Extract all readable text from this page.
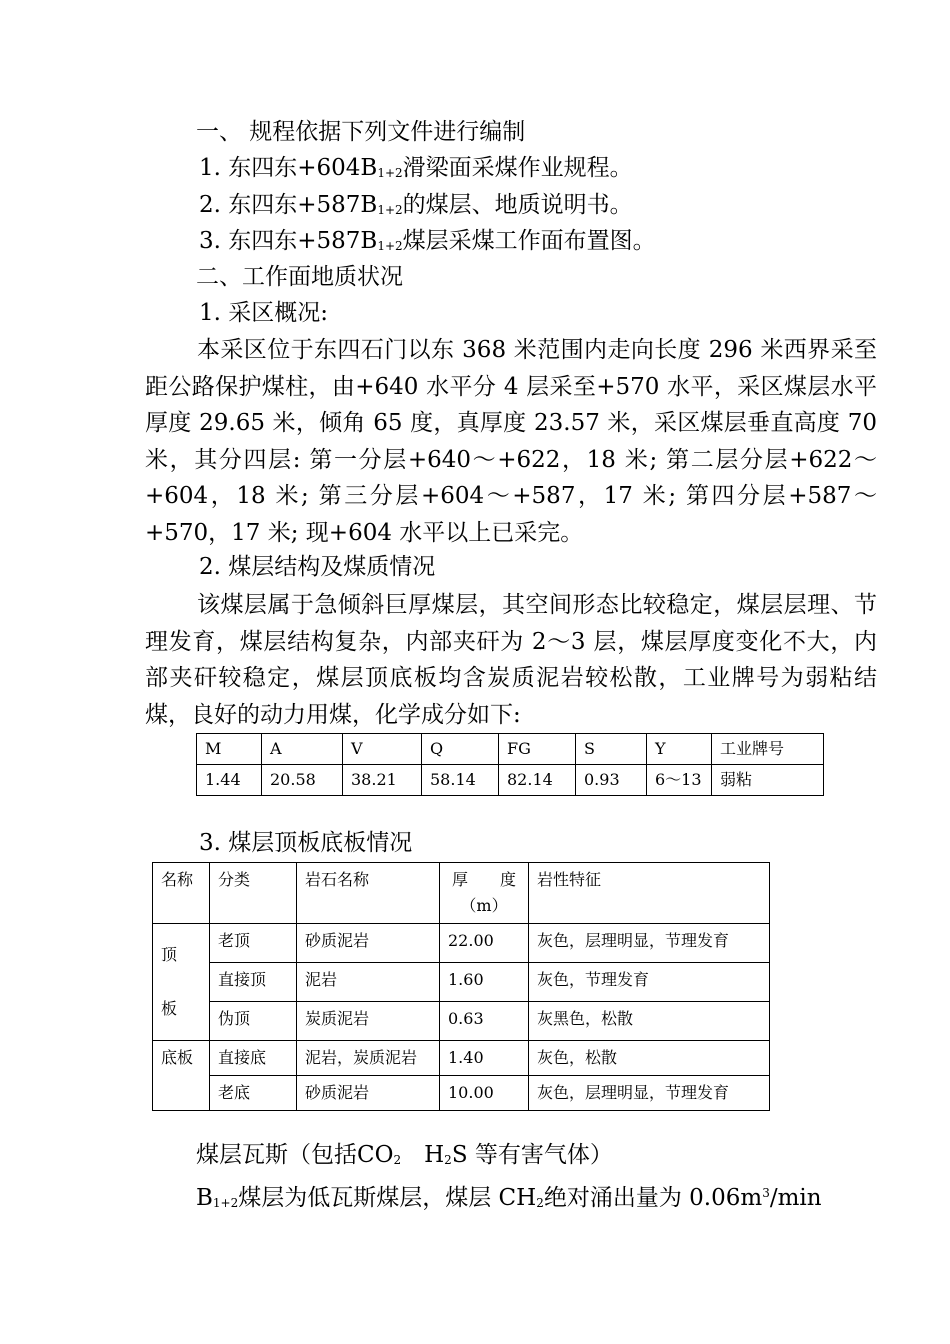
一、 规程依据下列文件进行编制
1. 东四东$+604B_{1+2}$滑梁面采煤作业规程。
2. 东四东$+587B_{1+2}$的煤层、地质说明书。
3. 东四东$+587B_{1+2}$煤层采煤工作面布置图。
二、工作面地质状况
1. 采区概况:
本采区位于东四石门以东 368 米范围内走向长度 296 米西界采至距公路保护煤柱，由+640 水平分 4 层采至+570 水平，采区煤层水平厚度 29.65 米，倾角 65 度，真厚度 23.57 米，采区煤层垂直高度 70 米，其分四层: 第一分层+640～+622，18 米; 第二层分层+622～+604，18 米; 第三分层+604～+587，17 米; 第四分层+587～+570，17 米; 现+604 水平以上已采完。
2. 煤层结构及煤质情况
该煤层属于急倾斜巨厚煤层，其空间形态比较稳定，煤层层理、节理发育，煤层结构复杂，内部夹矸为 2～3 层，煤层厚度变化不大，内部夹矸较稳定，煤层顶底板均含炭质泥岩较松散，工业牌号为弱粘结煤，良好的动力用煤，化学成分如下:
M	A	V	Q	FG	S	Y	工业牌号
1.44	20.58	38.21	58.14	82.14	0.93	6～13	弱粘
3. 煤层顶板底板情况
名称	分类	岩石名称	厚　　度（m）	岩性特征
顶
板	老顶	砂质泥岩	22.00	灰色，层理明显，节理发育
	直接顶	泥岩	1.60	灰色，节理发育
	伪顶	炭质泥岩	0.63	灰黑色，松散
底板	直接底	泥岩，炭质泥岩	1.40	灰色，松散
	老底	砂质泥岩	10.00	灰色，层理明显，节理发育
煤层瓦斯（包括$CO_2$　$H_2S$ 等有害气体）
$B_{1+2}$煤层为低瓦斯煤层，煤层 $CH_2$绝对涌出量为 $0.06m^3/\min$
